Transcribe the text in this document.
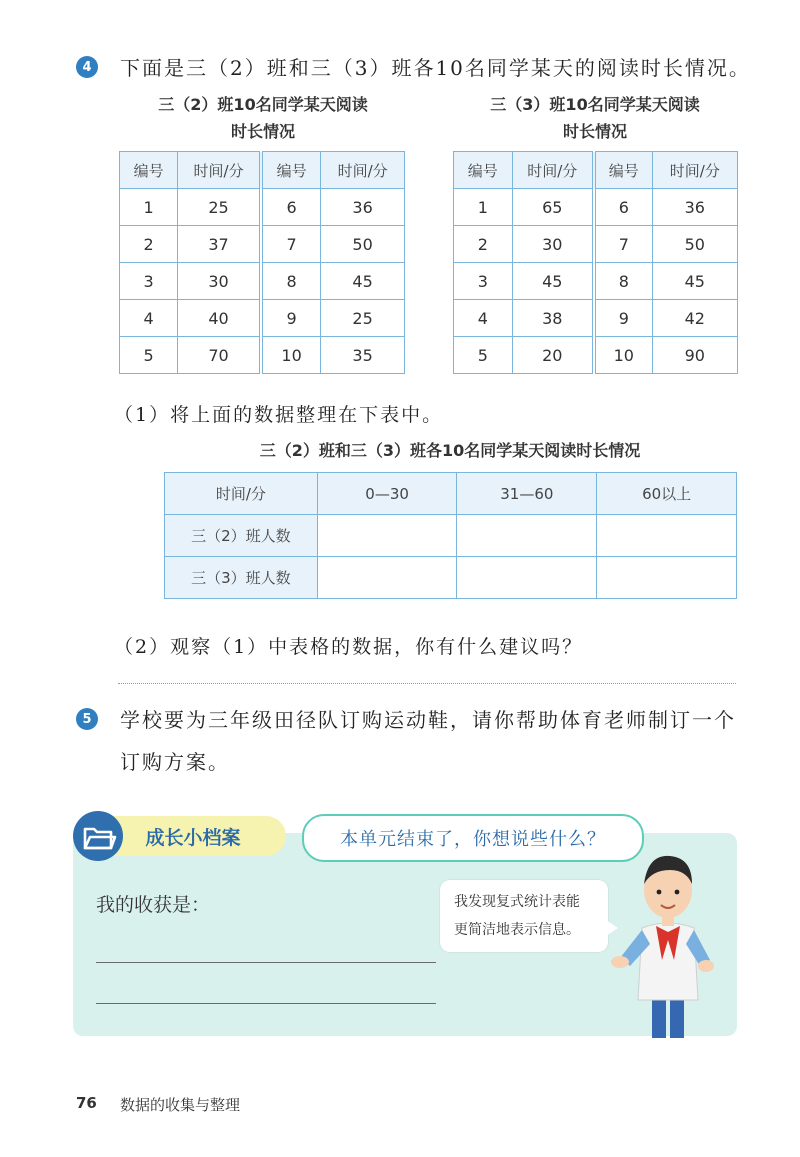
4	下面是三（2）班和三（3）班各10名同学某天的阅读时长情况。
三（2）班10名同学某天阅读
时长情况
三（3）班10名同学某天阅读
时长情况
编号	时间/分	编号	时间/分
1	25	6	36
2	37	7	50
3	30	8	45
4	40	9	25
5	70	10	35
编号	时间/分	编号	时间/分
1	65	6	36
2	30	7	50
3	45	8	45
4	38	9	42
5	20	10	90
（1）将上面的数据整理在下表中。
三（2）班和三（3）班各10名同学某天阅读时长情况
时间/分	0—30	31—60	60以上
三（2）班人数			
三（3）班人数			
（2）观察（1）中表格的数据，你有什么建议吗？
5	学校要为三年级田径队订购运动鞋，请你帮助体育老师制订一个
订购方案。
成长小档案	本单元结束了，你想说些什么？
我的收获是：	我发现复式统计表能
更简洁地表示信息。
76 数据的收集与整理
